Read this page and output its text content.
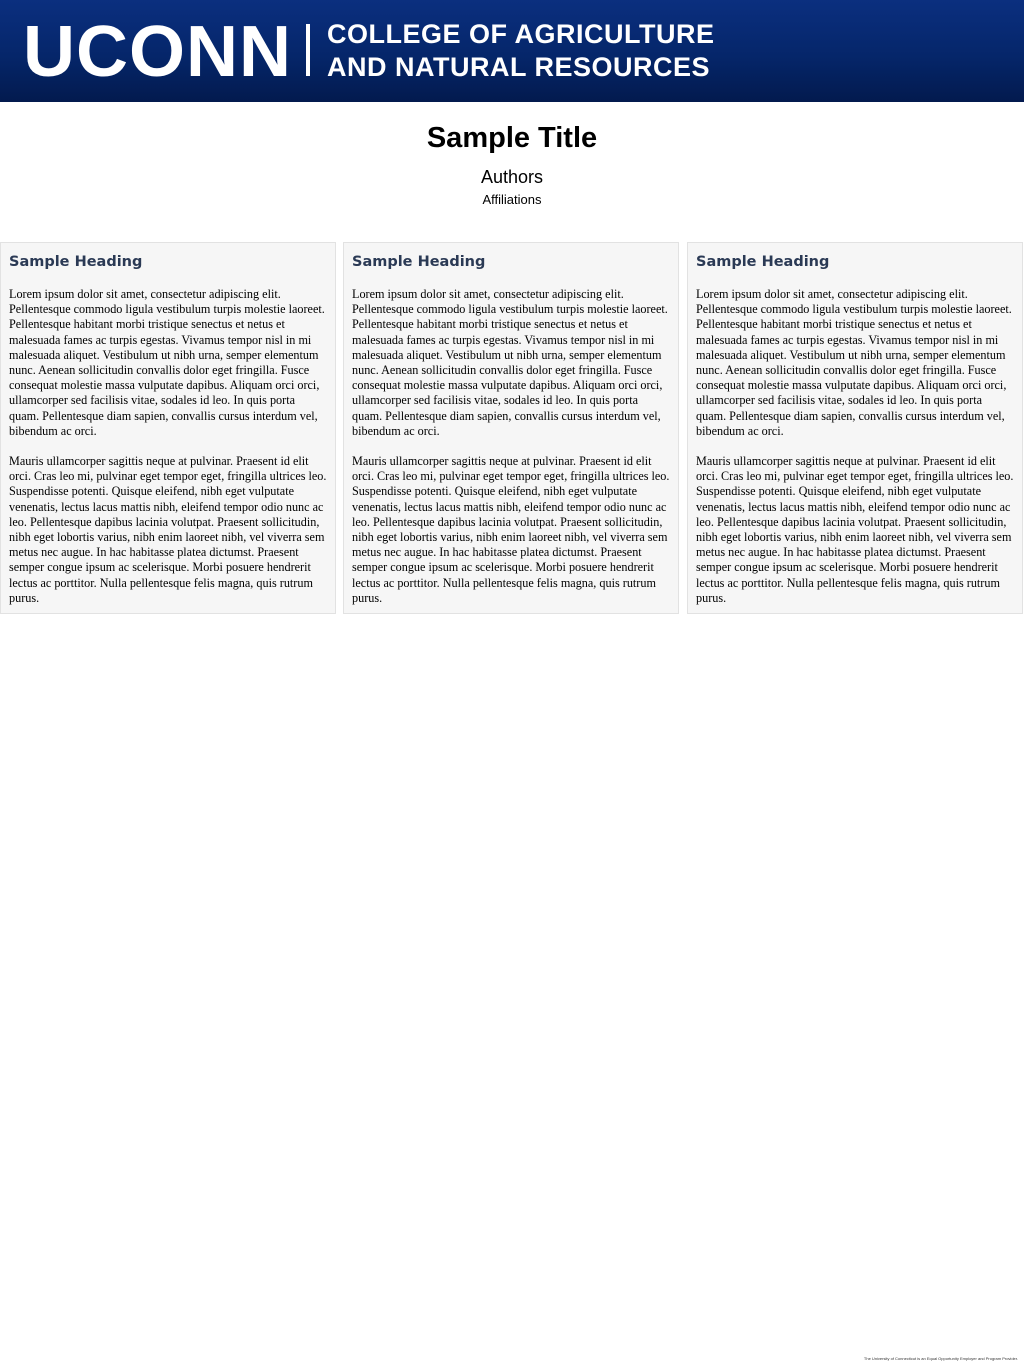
UCONN COLLEGE OF AGRICULTURE
AND NATURAL RESOURCES
Sample Title
Authors
Affiliations
Sample Heading

Lorem ipsum dolor sit amet, consectetur adipiscing elit. Pellentesque commodo ligula vestibulum turpis molestie laoreet. Pellentesque habitant morbi tristique senectus et netus et malesuada fames ac turpis egestas. Vivamus tempor nisl in mi malesuada aliquet. Vestibulum ut nibh urna, semper elementum nunc. Aenean sollicitudin convallis dolor eget fringilla. Fusce consequat molestie massa vulputate dapibus. Aliquam orci orci, ullamcorper sed facilisis vitae, sodales id leo. In quis porta quam. Pellentesque diam sapien, convallis cursus interdum vel, bibendum ac orci.

Mauris ullamcorper sagittis neque at pulvinar. Praesent id elit orci. Cras leo mi, pulvinar eget tempor eget, fringilla ultrices leo. Suspendisse potenti. Quisque eleifend, nibh eget vulputate venenatis, lectus lacus mattis nibh, eleifend tempor odio nunc ac leo. Pellentesque dapibus lacinia volutpat. Praesent sollicitudin, nibh eget lobortis varius, nibh enim laoreet nibh, vel viverra sem metus nec augue. In hac habitasse platea dictumst. Praesent semper congue ipsum ac scelerisque. Morbi posuere hendrerit lectus ac porttitor. Nulla pellentesque felis magna, quis rutrum purus.

Sample Heading

Lorem ipsum dolor sit amet, consectetur adipiscing elit. Pellentesque commodo ligula vestibulum turpis molestie laoreet. Pellentesque habitant morbi tristique senectus et netus et malesuada fames ac turpis egestas. Vivamus tempor nisl in mi malesuada aliquet. Vestibulum ut nibh urna, semper elementum nunc. Aenean sollicitudin convallis dolor eget fringilla. Fusce consequat molestie massa vulputate dapibus. Aliquam orci orci, ullamcorper sed facilisis vitae, sodales id leo. In quis porta quam. Pellentesque diam sapien, convallis cursus interdum vel, bibendum ac orci.

Mauris ullamcorper sagittis neque at pulvinar. Praesent id elit orci. Cras leo mi, pulvinar eget tempor eget, fringilla ultrices leo. Suspendisse potenti. Quisque eleifend, nibh eget vulputate venenatis, lectus lacus mattis nibh, eleifend tempor odio nunc ac leo. Pellentesque dapibus lacinia volutpat. Praesent sollicitudin, nibh eget lobortis varius, nibh enim laoreet nibh, vel viverra sem metus nec augue. In hac habitasse platea dictumst. Praesent semper congue ipsum ac scelerisque. Morbi posuere hendrerit lectus ac porttitor. Nulla pellentesque felis magna, quis rutrum purus.

Sample Heading

Lorem ipsum dolor sit amet, consectetur adipiscing elit. Pellentesque commodo ligula vestibulum turpis molestie laoreet. Pellentesque habitant morbi tristique senectus et netus et malesuada fames ac turpis egestas. Vivamus tempor nisl in mi malesuada aliquet. Vestibulum ut nibh urna, semper elementum nunc. Aenean sollicitudin convallis dolor eget fringilla. Fusce consequat molestie massa vulputate dapibus. Aliquam orci orci, ullamcorper sed facilisis vitae, sodales id leo. In quis porta quam. Pellentesque diam sapien, convallis cursus interdum vel, bibendum ac orci.

Mauris ullamcorper sagittis neque at pulvinar. Praesent id elit orci. Cras leo mi, pulvinar eget tempor eget, fringilla ultrices leo. Suspendisse potenti. Quisque eleifend, nibh eget vulputate venenatis, lectus lacus mattis nibh, eleifend tempor odio nunc ac leo. Pellentesque dapibus lacinia volutpat. Praesent sollicitudin, nibh eget lobortis varius, nibh enim laoreet nibh, vel viverra sem metus nec augue. In hac habitasse platea dictumst. Praesent semper congue ipsum ac scelerisque. Morbi posuere hendrerit lectus ac porttitor. Nulla pellentesque felis magna, quis rutrum purus.

The University of Connecticut is an Equal Opportunity Employer and Program Provider.
